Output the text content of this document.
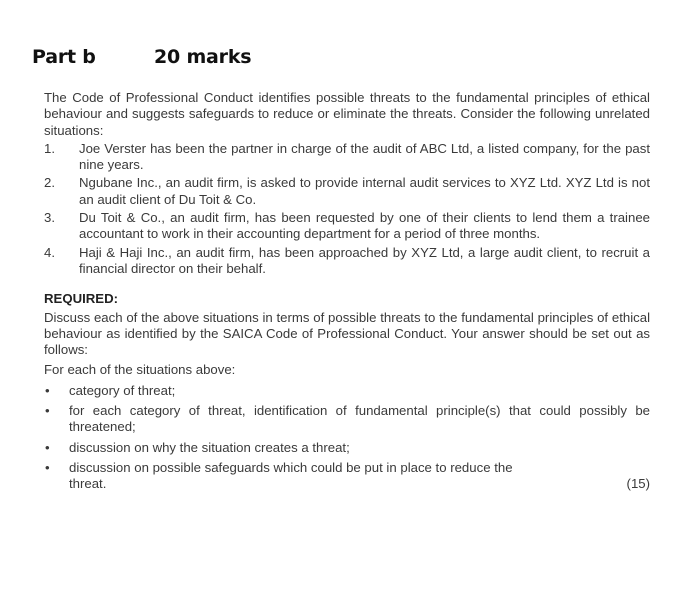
Part b	20 marks

The Code of Professional Conduct identifies possible threats to the fundamental principles of ethical behaviour and suggests safeguards to reduce or eliminate the threats. Consider the following unrelated situations:

1. Joe Verster has been the partner in charge of the audit of ABC Ltd, a listed company, for the past nine years.
2. Ngubane Inc., an audit firm, is asked to provide internal audit services to XYZ Ltd. XYZ Ltd is not an audit client of Du Toit & Co.
3. Du Toit & Co., an audit firm, has been requested by one of their clients to lend them a trainee accountant to work in their accounting department for a period of three months.
4. Haji & Haji Inc., an audit firm, has been approached by XYZ Ltd, a large audit client, to recruit a financial director on their behalf.

REQUIRED:

Discuss each of the above situations in terms of possible threats to the fundamental principles of ethical behaviour as identified by the SAICA Code of Professional Conduct. Your answer should be set out as follows:

For each of the situations above:

• category of threat;
• for each category of threat, identification of fundamental principle(s) that could possibly be threatened;
• discussion on why the situation creates a threat;
• discussion on possible safeguards which could be put in place to reduce the
threat.	(15)
